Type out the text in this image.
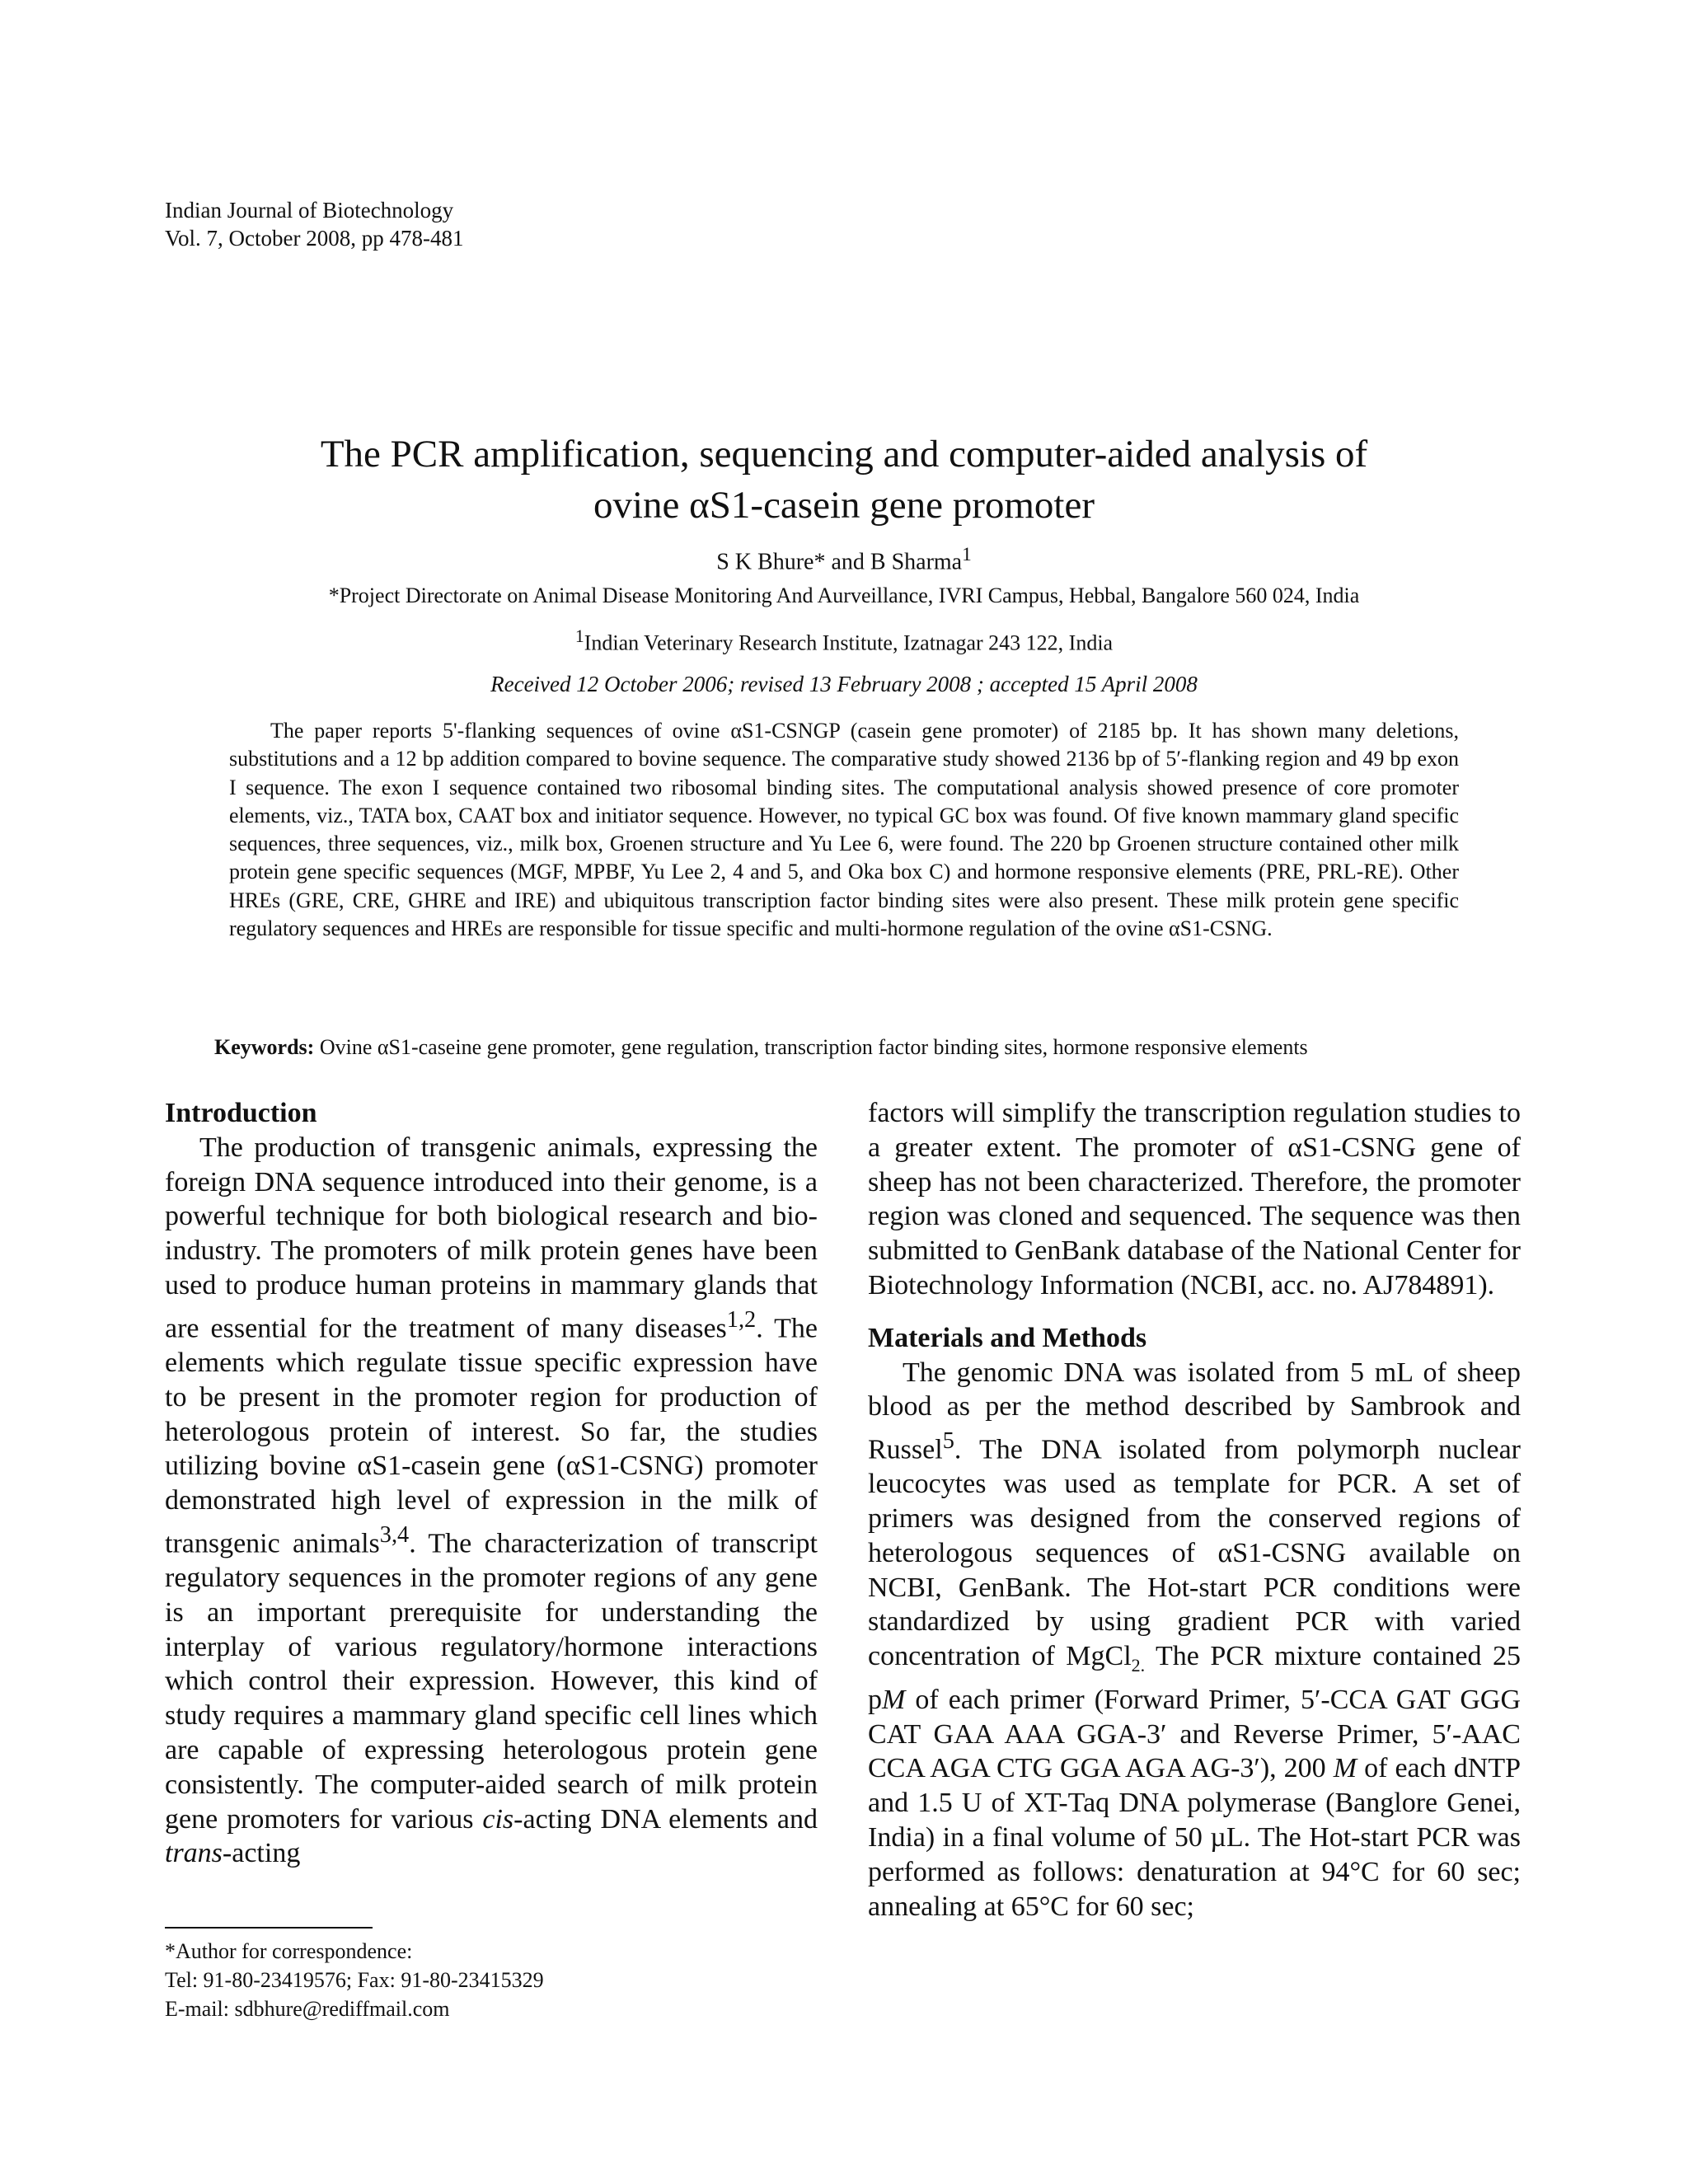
Indian Journal of Biotechnology
Vol. 7, October 2008, pp 478-481
The PCR amplification, sequencing and computer-aided analysis of
ovine αS1-casein gene promoter
S K Bhure* and B Sharma$^1$
*Project Directorate on Animal Disease Monitoring And Aurveillance, IVRI Campus, Hebbal, Bangalore 560 024, India
$^1$Indian Veterinary Research Institute, Izatnagar 243 122, India
Received 12 October 2006; revised 13 February 2008 ; accepted 15 April 2008
The paper reports 5'-flanking sequences of ovine αS1-CSNGP (casein gene promoter) of 2185 bp. It has shown many deletions, substitutions and a 12 bp addition compared to bovine sequence. The comparative study showed 2136 bp of 5′-flanking region and 49 bp exon I sequence. The exon I sequence contained two ribosomal binding sites. The computational analysis showed presence of core promoter elements, viz., TATA box, CAAT box and initiator sequence. However, no typical GC box was found. Of five known mammary gland specific sequences, three sequences, viz., milk box, Groenen structure and Yu Lee 6, were found. The 220 bp Groenen structure contained other milk protein gene specific sequences (MGF, MPBF, Yu Lee 2, 4 and 5, and Oka box C) and hormone responsive elements (PRE, PRL-RE). Other HREs (GRE, CRE, GHRE and IRE) and ubiquitous transcription factor binding sites were also present. These milk protein gene specific regulatory sequences and HREs are responsible for tissue specific and multi-hormone regulation of the ovine αS1-CSNG.
Keywords: Ovine αS1-caseine gene promoter, gene regulation, transcription factor binding sites, hormone responsive elements

Introduction

The production of transgenic animals, expressing the foreign DNA sequence introduced into their genome, is a powerful technique for both biological research and bio-industry. The promoters of milk protein genes have been used to produce human proteins in mammary glands that are essential for the treatment of many diseases$^{1,2}$. The elements which regulate tissue specific expression have to be present in the promoter region for production of heterologous protein of interest. So far, the studies utilizing bovine αS1-casein gene (αS1-CSNG) promoter demonstrated high level of expression in the milk of transgenic animals$^{3,4}$. The characterization of transcript regulatory sequences in the promoter regions of any gene is an important prerequisite for understanding the interplay of various regulatory/hormone interactions which control their expression. However, this kind of study requires a mammary gland specific cell lines which are capable of expressing heterologous protein gene consistently. The computer-aided search of milk protein gene promoters for various cis-acting DNA elements and trans-acting

factors will simplify the transcription regulation studies to a greater extent. The promoter of αS1-CSNG gene of sheep has not been characterized. Therefore, the promoter region was cloned and sequenced. The sequence was then submitted to GenBank database of the National Center for Biotechnology Information (NCBI, acc. no. AJ784891).

Materials and Methods

The genomic DNA was isolated from 5 mL of sheep blood as per the method described by Sambrook and Russel$^5$. The DNA isolated from polymorph nuclear leucocytes was used as template for PCR. A set of primers was designed from the conserved regions of heterologous sequences of αS1-CSNG available on NCBI, GenBank. The Hot-start PCR conditions were standardized by using gradient PCR with varied concentration of MgCl$_{2.}$ The PCR mixture contained 25 pM of each primer (Forward Primer, 5′-CCA GAT GGG CAT GAA AAA GGA-3′ and Reverse Primer, 5′-AAC CCA AGA CTG GGA AGA AG-3′), 200 M of each dNTP and 1.5 U of XT-Taq DNA polymerase (Banglore Genei, India) in a final volume of 50 µL. The Hot-start PCR was performed as follows: denaturation at 94°C for 60 sec; annealing at 65°C for 60 sec;

*Author for correspondence:
Tel: 91-80-23419576; Fax: 91-80-23415329
E-mail: sdbhure@rediffmail.com
